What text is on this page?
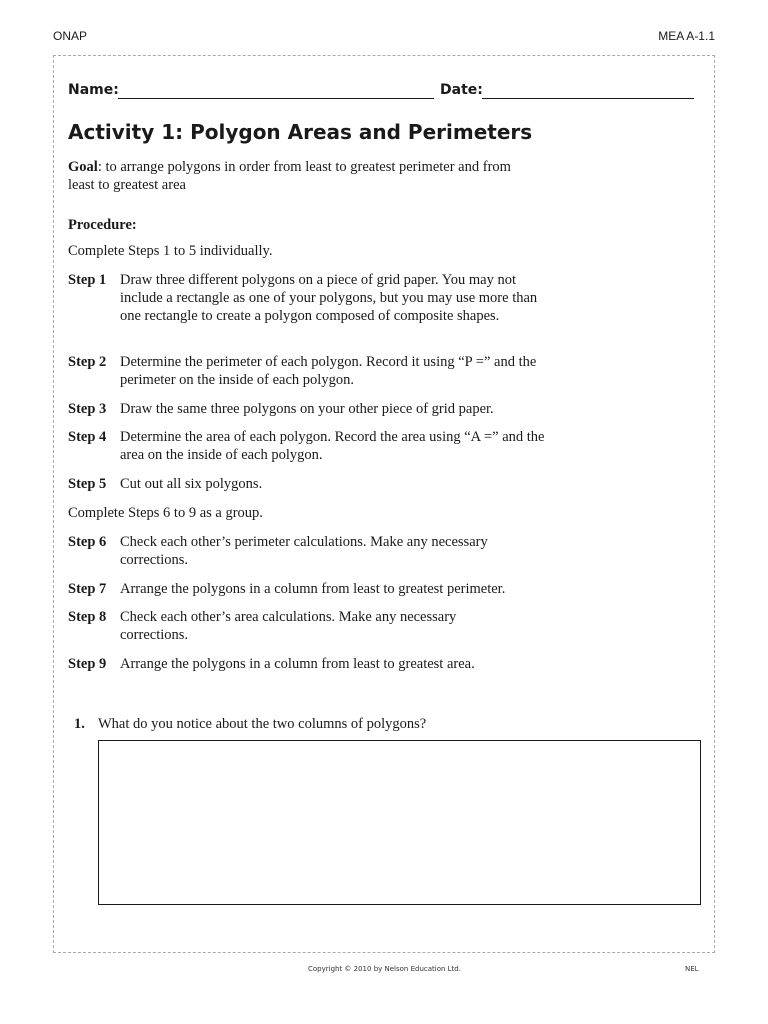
ONAP	MEA A-1.1
Name:	Date:
Activity 1: Polygon Areas and Perimeters
Goal: to arrange polygons in order from least to greatest perimeter and from least to greatest area
Procedure:
Complete Steps 1 to 5 individually.
Step 1 Draw three different polygons on a piece of grid paper. You may not include a rectangle as one of your polygons, but you may use more than one rectangle to create a polygon composed of composite shapes.
Step 2 Determine the perimeter of each polygon. Record it using “P =” and the perimeter on the inside of each polygon.
Step 3 Draw the same three polygons on your other piece of grid paper.
Step 4 Determine the area of each polygon. Record the area using “A =” and the area on the inside of each polygon.
Step 5 Cut out all six polygons.
Complete Steps 6 to 9 as a group.
Step 6 Check each other’s perimeter calculations. Make any necessary corrections.
Step 7 Arrange the polygons in a column from least to greatest perimeter.
Step 8 Check each other’s area calculations. Make any necessary corrections.
Step 9 Arrange the polygons in a column from least to greatest area.
1. What do you notice about the two columns of polygons?
Copyright © 2010 by Nelson Education Ltd.	NEL
